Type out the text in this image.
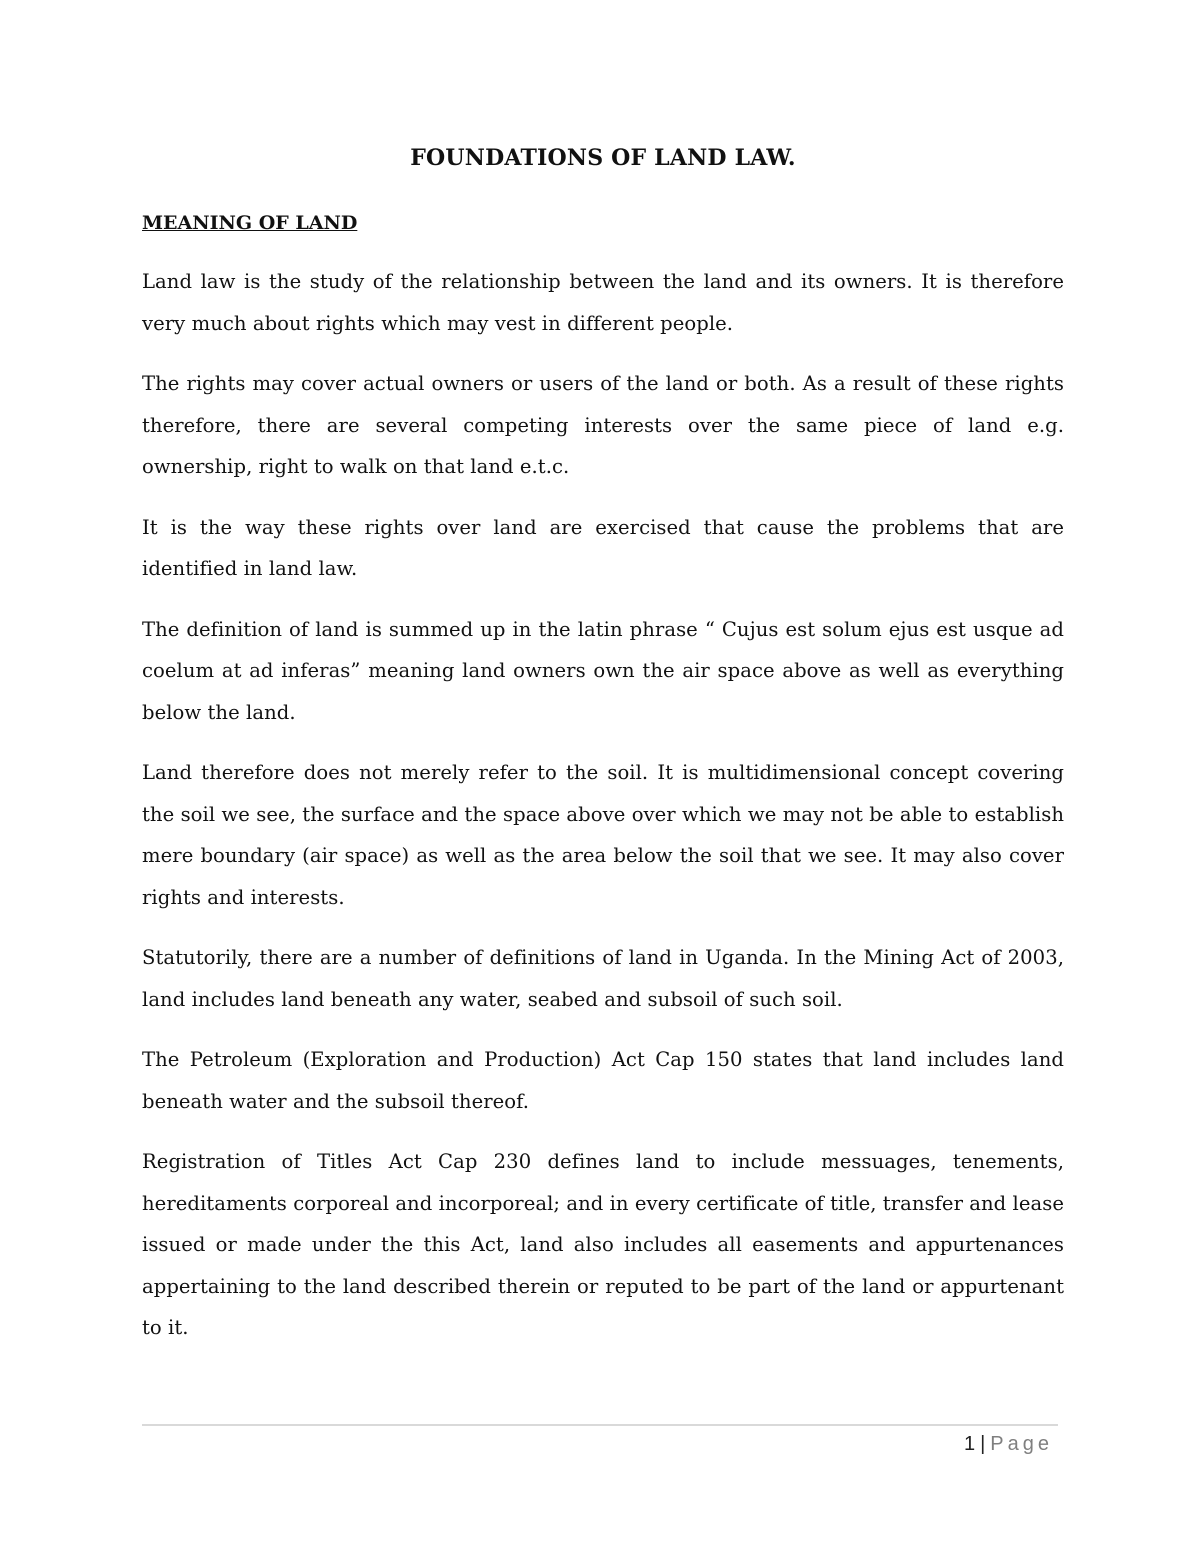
FOUNDATIONS OF LAND LAW.
MEANING OF LAND

Land law is the study of the relationship between the land and its owners. It is therefore very much about rights which may vest in different people.

The rights may cover actual owners or users of the land or both. As a result of these rights therefore, there are several competing interests over the same piece of land e.g. ownership, right to walk on that land e.t.c.

It is the way these rights over land are exercised that cause the problems that are identified in land law.

The definition of land is summed up in the latin phrase “ Cujus est solum ejus est usque ad coelum at ad inferas” meaning land owners own the air space above as well as everything below the land.

Land therefore does not merely refer to the soil. It is multidimensional concept covering the soil we see, the surface and the space above over which we may not be able to establish mere boundary (air space) as well as the area below the soil that we see. It may also cover rights and interests.

Statutorily, there are a number of definitions of land in Uganda. In the Mining Act of 2003, land includes land beneath any water, seabed and subsoil of such soil.

The Petroleum (Exploration and Production) Act Cap 150 states that land includes land beneath water and the subsoil thereof.

Registration of Titles Act Cap 230 defines land to include messuages, tenements, hereditaments corporeal and incorporeal; and in every certificate of title, transfer and lease issued or made under the this Act, land also includes all easements and appurtenances appertaining to the land described therein or reputed to be part of the land or appurtenant to it.

1 | Page
